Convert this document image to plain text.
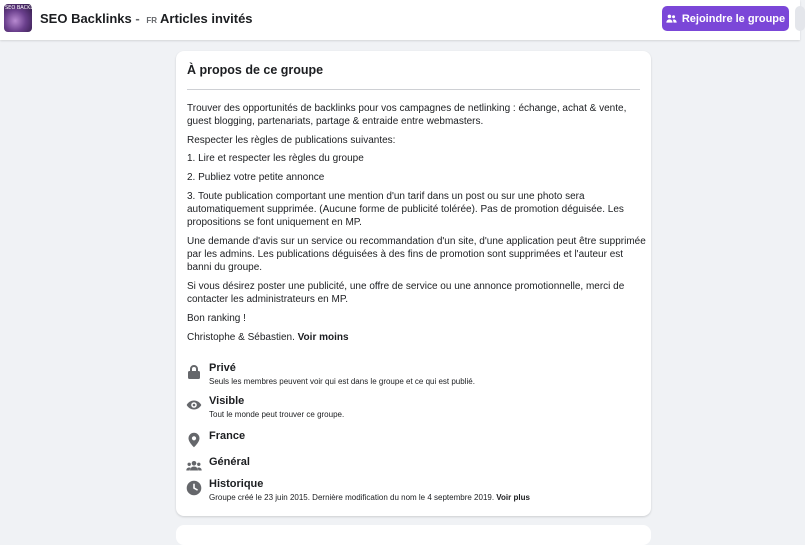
SEO BACKLINKS
SEO Backlinks - FR Articles invités	Rejoindre le groupe
À propos de ce groupe

Trouver des opportunités de backlinks pour vos campagnes de netlinking : échange, achat & vente, guest blogging, partenariats, partage & entraide entre webmasters.

Respecter les règles de publications suivantes:

1. Lire et respecter les règles du groupe

2. Publiez votre petite annonce

3. Toute publication comportant une mention d'un tarif dans un post ou sur une photo sera automatiquement supprimée. (Aucune forme de publicité tolérée). Pas de promotion déguisée. Les propositions se font uniquement en MP.

Une demande d'avis sur un service ou recommandation d'un site, d'une application peut être supprimée par les admins. Les publications déguisées à des fins de promotion sont supprimées et l'auteur est banni du groupe.

Si vous désirez poster une publicité, une offre de service ou une annonce promotionnelle, merci de contacter les administrateurs en MP.

Bon ranking !

Christophe & Sébastien. Voir moins

Privé
Seuls les membres peuvent voir qui est dans le groupe et ce qui est publié.
Visible
Tout le monde peut trouver ce groupe.
France
Général
Historique
Groupe créé le 23 juin 2015. Dernière modification du nom le 4 septembre 2019. Voir plus
